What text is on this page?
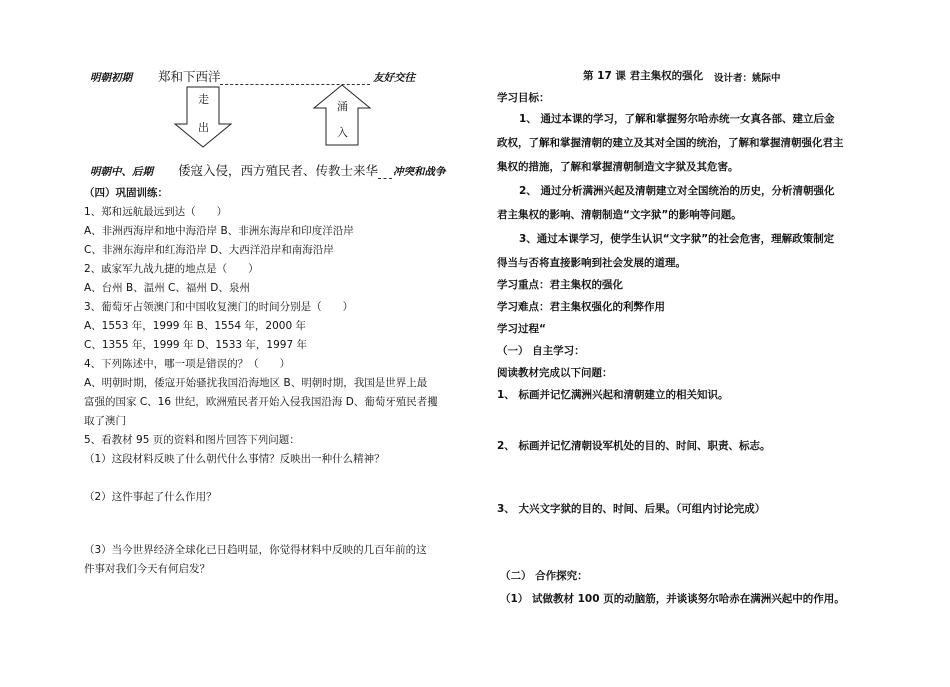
明朝初期 郑和下西洋	友好交往
走
出
涌
入
明朝中、后期 倭寇入侵，西方殖民者、传教士来华 冲突和战争
（四）巩固训练：
1、郑和远航最远到达（　　）
A、非洲西海岸和地中海沿岸 B、非洲东海岸和印度洋沿岸
C、非洲东海岸和红海沿岸 D、大西洋沿岸和南海沿岸
2、戚家军九战九捷的地点是（　　）
A、台州 B、温州 C、福州 D、泉州
3、葡萄牙占领澳门和中国收复澳门的时间分别是（　　）
A、1553 年，1999 年 B、1554 年，2000 年
C、1355 年，1999 年 D、1533 年，1997 年
4、下列陈述中，哪一项是错误的？（　　）
A、明朝时期，倭寇开始骚扰我国沿海地区 B、明朝时期，我国是世界上最
富强的国家 C、16 世纪，欧洲殖民者开始入侵我国沿海 D、葡萄牙殖民者攫
取了澳门
5、看教材 95 页的资料和图片回答下列问题：
（1）这段材料反映了什么朝代什么事情？反映出一种什么精神？
（2）这件事起了什么作用？
（3）当今世界经济全球化已日趋明显，你觉得材料中反映的几百年前的这
件事对我们今天有何启发？
第 17 课 君主集权的强化 设计者：姚际中
学习目标：
1、 通过本课的学习，了解和掌握努尔哈赤统一女真各部、建立后金
政权，了解和掌握清朝的建立及其对全国的统治，了解和掌握清朝强化君主
集权的措施，了解和掌握清朝制造文字狱及其危害。
2、 通过分析满洲兴起及清朝建立对全国统治的历史，分析清朝强化
君主集权的影响、清朝制造“文字狱”的影响等问题。
3、通过本课学习，使学生认识“文字狱”的社会危害，理解政策制定
得当与否将直接影响到社会发展的道理。
学习重点：君主集权的强化
学习难点：君主集权强化的利弊作用
学习过程“
（一） 自主学习：
阅读教材完成以下问题：
1、 标画并记忆满洲兴起和清朝建立的相关知识。
2、 标画并记忆清朝设军机处的目的、时间、职责、标志。
3、 大兴文字狱的目的、时间、后果。（可组内讨论完成）
（二） 合作探究：
（1） 试做教材 100 页的动脑筋，并谈谈努尔哈赤在满洲兴起中的作用。
